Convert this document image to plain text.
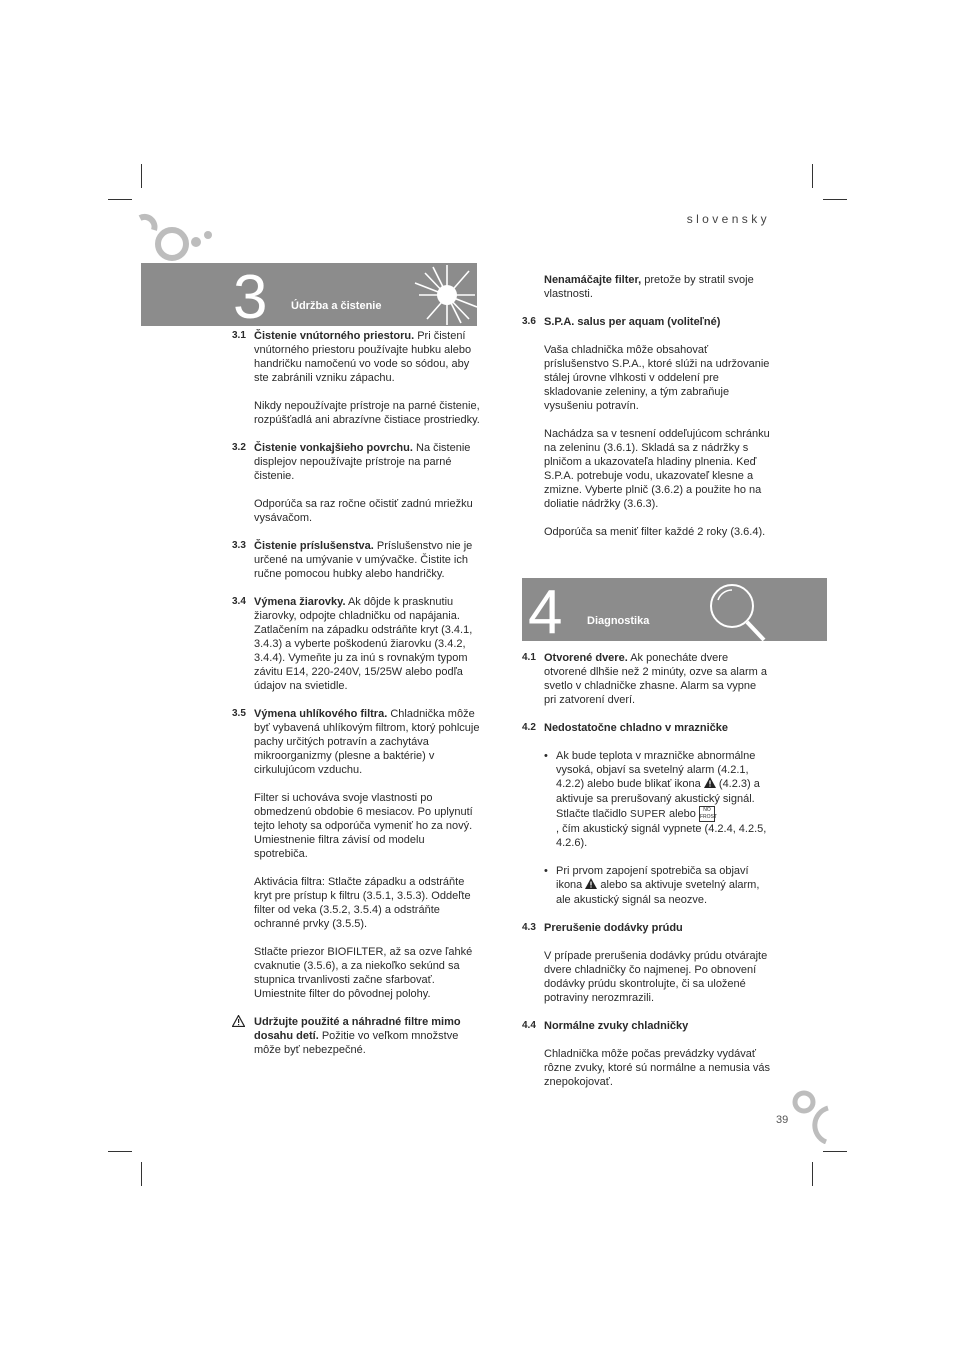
slovensky
3 Údržba a čistenie
3.1 Čistenie vnútorného priestoru. Pri čistení vnútorného priestoru používajte hubku alebo handričku namočenú vo vode so sódou, aby ste zabránili vzniku zápachu.

Nikdy nepoužívajte prístroje na parné čistenie, rozpúšťadlá ani abrazívne čistiace prostriedky.

3.2 Čistenie vonkajšieho povrchu. Na čistenie displejov nepoužívajte prístroje na parné čistenie.

Odporúča sa raz ročne očistiť zadnú mriežku vysávačom.

3.3 Čistenie príslušenstva. Príslušenstvo nie je určené na umývanie v umývačke. Čistite ich ručne pomocou hubky alebo handričky.

3.4 Výmena žiarovky. Ak dôjde k prasknutiu žiarovky, odpojte chladničku od napájania. Zatlačením na západku odstráňte kryt (3.4.1, 3.4.3) a vyberte poškodenú žiarovku (3.4.2, 3.4.4). Vymeňte ju za inú s rovnakým typom závitu E14, 220-240V, 15/25W alebo podľa údajov na svietidle.

3.5 Výmena uhlíkového filtra. Chladnička môže byť vybavená uhlíkovým filtrom, ktorý pohlcuje pachy určitých potravín a zachytáva mikroorganizmy (plesne a baktérie) v cirkulujúcom vzduchu.

Filter si uchováva svoje vlastnosti po obmedzenú obdobie 6 mesiacov. Po uplynutí tejto lehoty sa odporúča vymeniť ho za nový. Umiestnenie filtra závisí od modelu spotrebiča.

Aktivácia filtra: Stlačte západku a odstráňte kryt pre prístup k filtru (3.5.1, 3.5.3). Oddeľte filter od veka (3.5.2, 3.5.4) a odstráňte ochranné prvky (3.5.5).

Stlačte priezor BIOFILTER, až sa ozve ľahké cvaknutie (3.5.6), a za niekoľko sekúnd sa stupnica trvanlivosti začne sfarbovať. Umiestnite filter do pôvodnej polohy.

Udržujte použité a náhradné filtre mimo dosahu detí. Požitie vo veľkom množstve môže byť nebezpečné.

Nenamáčajte filter, pretože by stratil svoje vlastnosti.

3.6 S.P.A. salus per aquam (voliteľné)

Vaša chladnička môže obsahovať príslušenstvo S.P.A., ktoré slúži na udržovanie stálej úrovne vlhkosti v oddelení pre skladovanie zeleniny, a tým zabraňuje vysušeniu potravín.

Nachádza sa v tesnení oddeľujúcom schránku na zeleninu (3.6.1). Skladá sa z nádržky s plničom a ukazovateľa hladiny plnenia. Keď S.P.A. potrebuje vodu, ukazovateľ klesne a zmizne. Vyberte plnič (3.6.2) a použite ho na doliatie nádržky (3.6.3).

Odporúča sa meniť filter každé 2 roky (3.6.4).

4 Diagnostika
4.1 Otvorené dvere. Ak ponecháte dvere otvorené dlhšie než 2 minúty, ozve sa alarm a svetlo v chladničke zhasne. Alarm sa vypne pri zatvorení dverí.

4.2 Nedostatočne chladno v mrazničke

• Ak bude teplota v mrazničke abnormálne vysoká, objaví sa svetelný alarm (4.2.1, 4.2.2) alebo bude blikať ikona  (4.2.3) a aktivuje sa prerušovaný akustický signál. Stlačte tlačidlo SUPER alebo NO FROST
, čím akustický signál vypnete (4.2.4, 4.2.5, 4.2.6).
• Pri prvom zapojení spotrebiča sa objaví ikona  alebo sa aktivuje svetelný alarm, ale akustický signál sa neozve.
4.3 Prerušenie dodávky prúdu

V prípade prerušenia dodávky prúdu otvárajte dvere chladničky čo najmenej. Po obnovení dodávky prúdu skontrolujte, či sa uložené potraviny nerozmrazili.

4.4 Normálne zvuky chladničky

Chladnička môže počas prevádzky vydávať rôzne zvuky, ktoré sú normálne a nemusia vás znepokojovať.

39
